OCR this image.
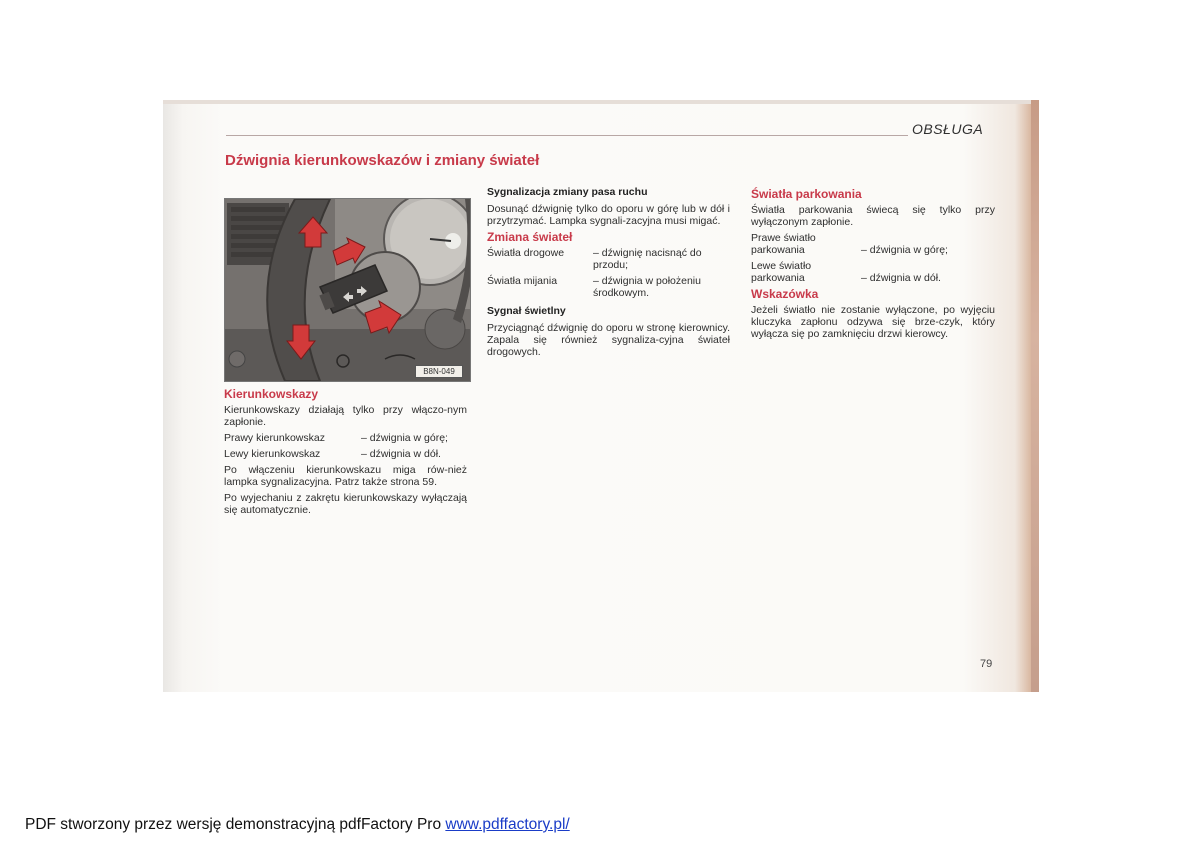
OBSŁUGA
Dźwignia kierunkowskazów i zmiany świateł
B8N-049
Kierunkowskazy

Kierunkowskazy działają tylko przy włączo-nym zapłonie.

Prawy kierunkowskaz	– dźwignia w górę;
Lewy kierunkowskaz	– dźwignia w dół.

Po włączeniu kierunkowskazu miga rów-nież lampka sygnalizacyjna. Patrz także strona 59.

Po wyjechaniu z zakrętu kierunkowskazy wyłączają się automatycznie.

Sygnalizacja zmiany pasa ruchu

Dosunąć dźwignię tylko do oporu w górę lub w dół i przytrzymać. Lampka sygnali-zacyjna musi migać.

Zmiana świateł
Światła drogowe	– dźwignię nacisnąć do przodu;
Światła mijania	– dźwignia w położeniu środkowym.
Sygnał świetlny

Przyciągnąć dźwignię do oporu w stronę kierownicy. Zapala się również sygnaliza-cyjna świateł drogowych.

Światła parkowania

Światła parkowania świecą się tylko przy wyłączonym zapłonie.

Prawe światło parkowania	– dźwignia w górę;
Lewe światło parkowania	– dźwignia w dół.
Wskazówka

Jeżeli światło nie zostanie wyłączone, po wyjęciu kluczyka zapłonu odzywa się brze-czyk, który wyłącza się po zamknięciu drzwi kierowcy.

79
PDF stworzony przez wersję demonstracyjną pdfFactory Pro www.pdffactory.pl/
